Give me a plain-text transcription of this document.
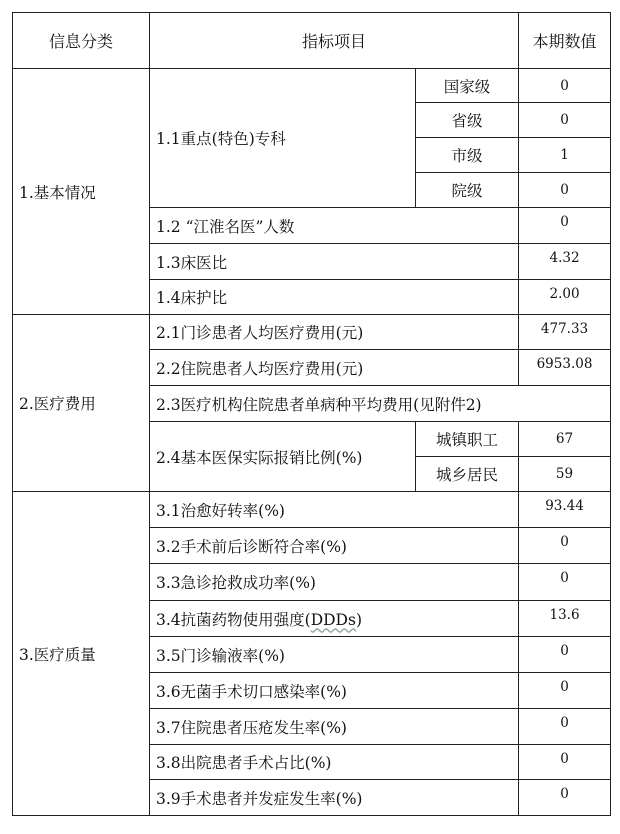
信息分类	指标项目		本期数值
1.基本情况	1.1重点(特色)专科	国家级	0
		省级	0
		市级	1
		院级	0
	1.2 “江淮名医”人数		0
	1.3床医比		4.32
	1.4床护比		2.00
2.医疗费用	2.1门诊患者人均医疗费用(元)		477.33
	2.2住院患者人均医疗费用(元)		6953.08
	2.3医疗机构住院患者单病种平均费用(见附件2)		
	2.4基本医保实际报销比例(%)	城镇职工	67
		城乡居民	59
3.医疗质量	3.1治愈好转率(%)		93.44
	3.2手术前后诊断符合率(%)		0
	3.3急诊抢救成功率(%)		0
	3.4抗菌药物使用强度(DDDs)		13.6
	3.5门诊输液率(%)		0
	3.6无菌手术切口感染率(%)		0
	3.7住院患者压疮发生率(%)		0
	3.8出院患者手术占比(%)		0
	3.9手术患者并发症发生率(%)		0
